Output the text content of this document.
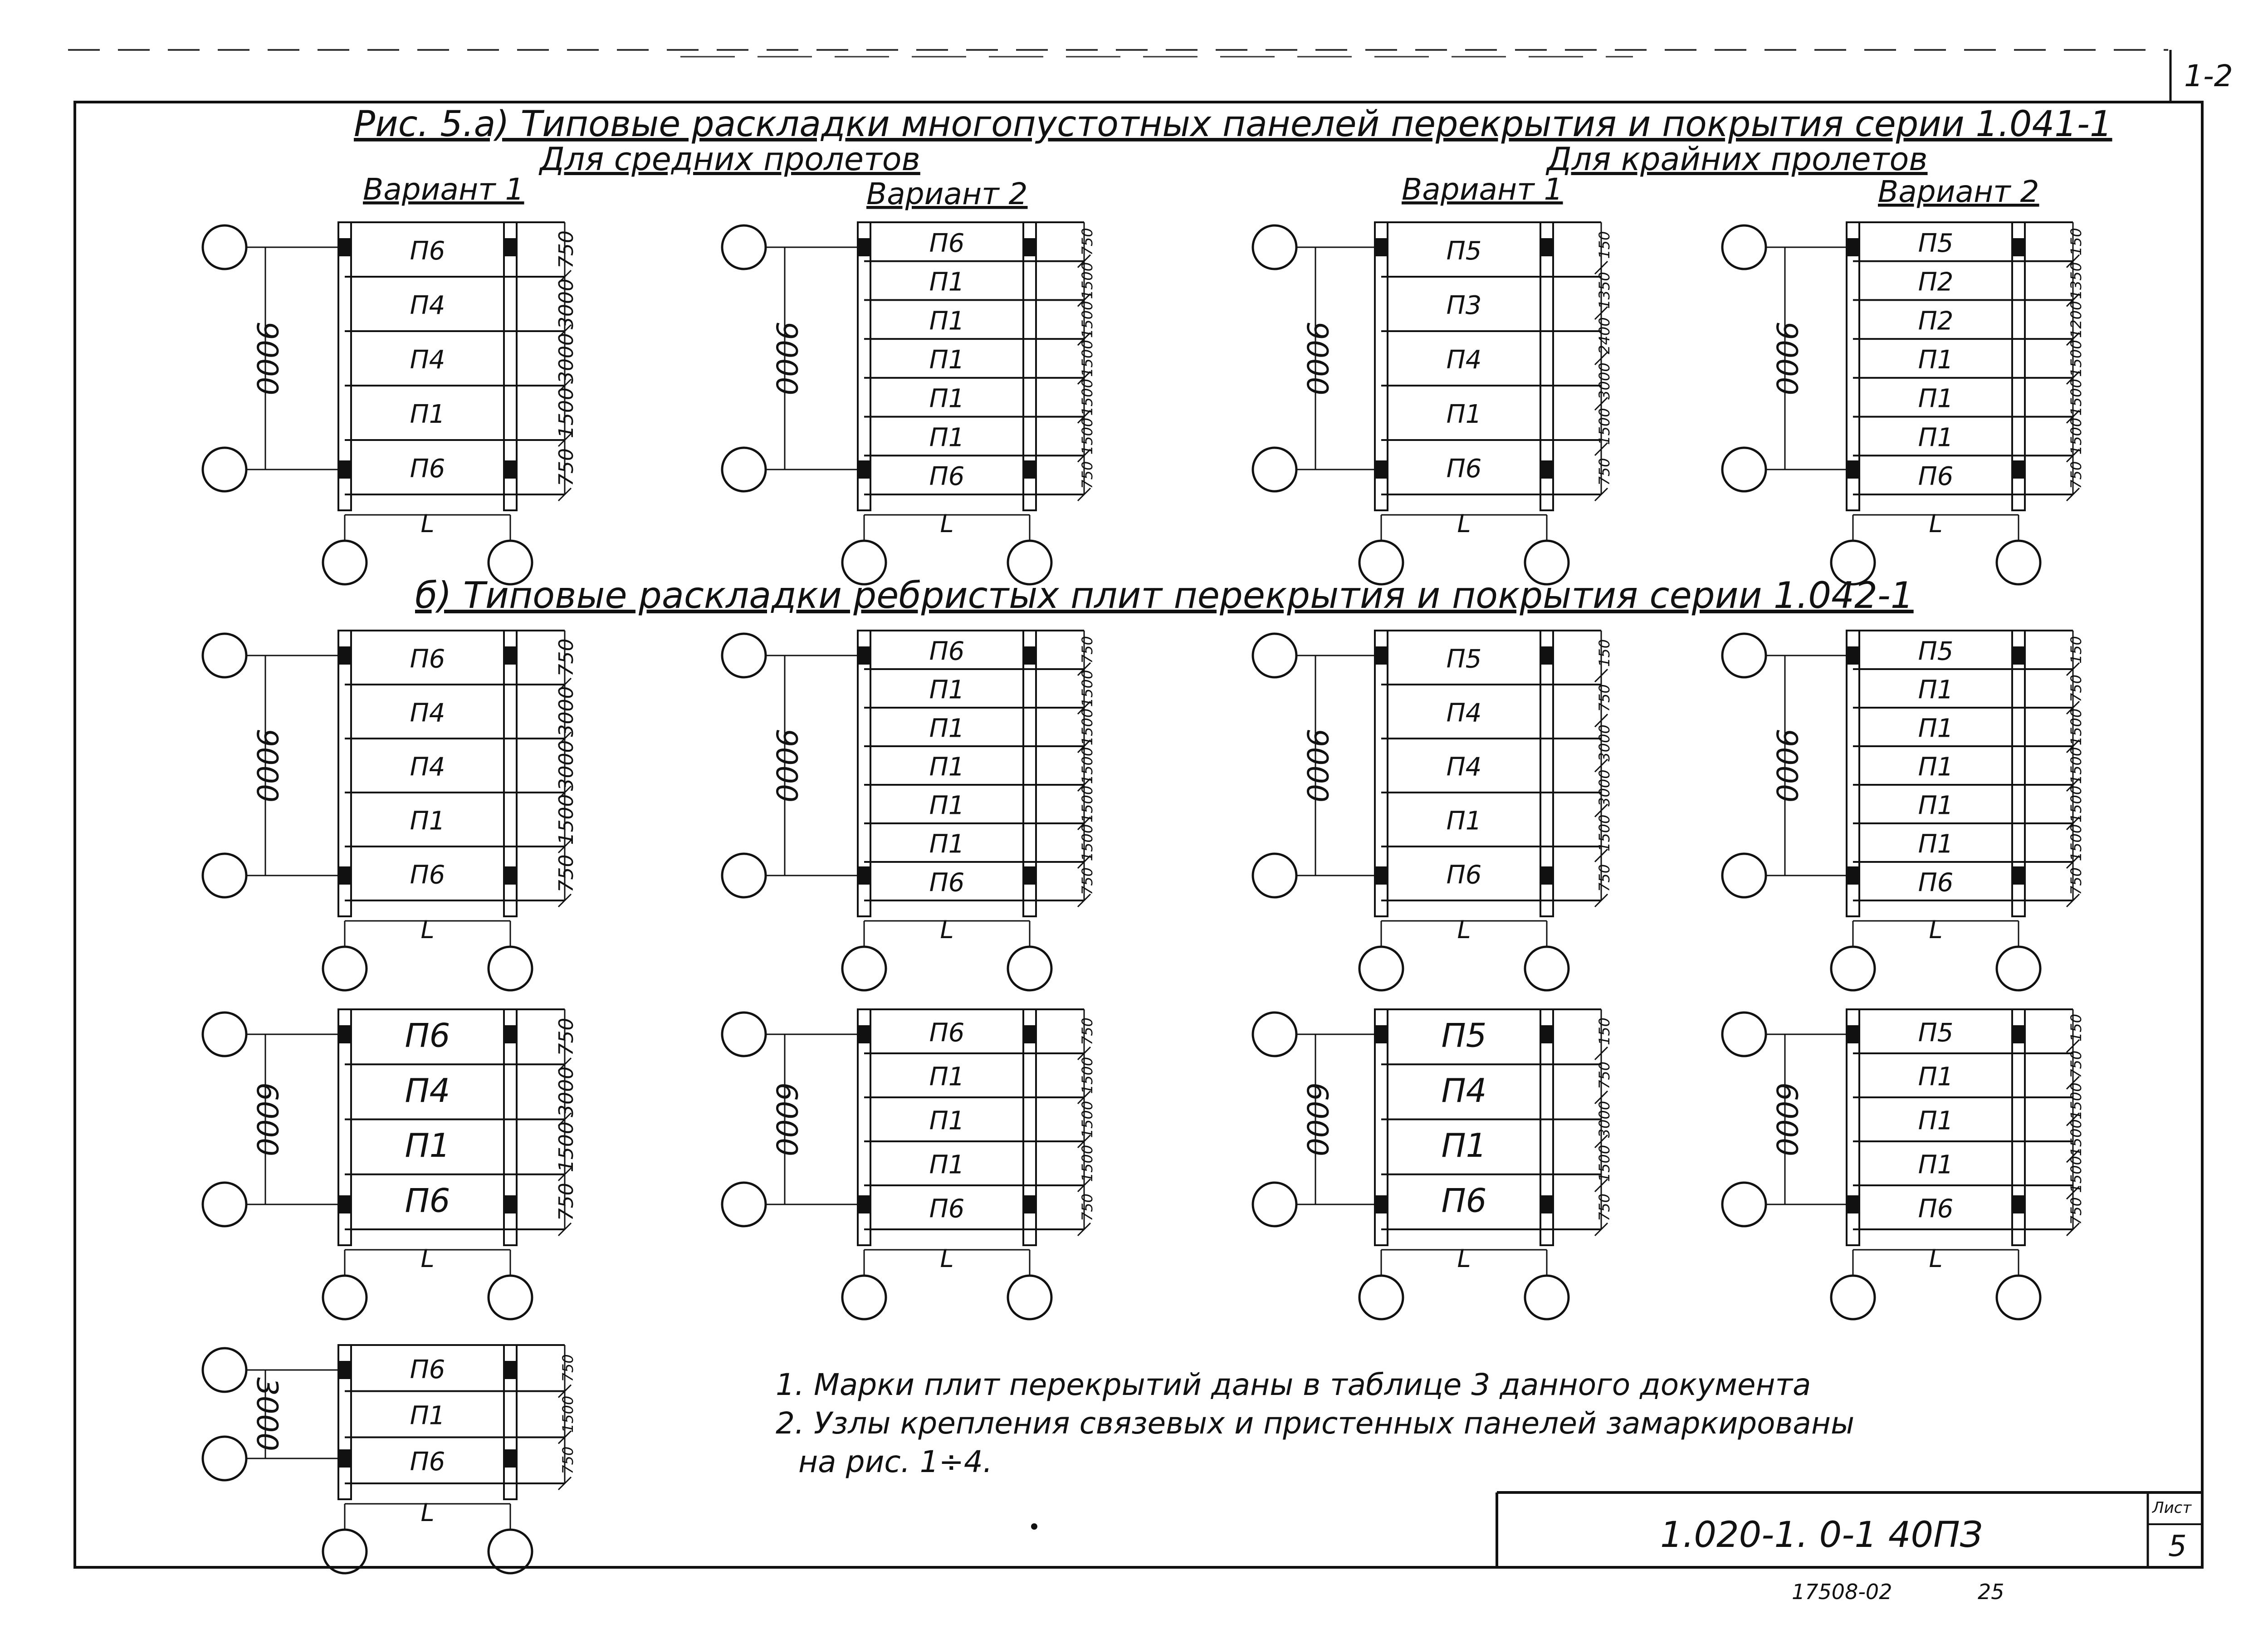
1-2
Рис. 5.а) Типовые раскладки многопустотных панелей перекрытия и покрытия серии 1.041-1
Для средних пролетов	Для крайних пролетов
б) Типовые раскладки ребристых плит перекрытия и покрытия серии 1.042-1
Вариант 1	Вариант 2	Вариант 1	Вариант 2
9000
П6
П4
П4
П1
П6
750
3000
3000
1500
750
L
9000
П6
П1
П1
П1
П1
П1
П6
750
1500
1500
1500
1500
1500
750
L
9000
П5
П3
П4
П1
П6
150
1350
2400
3000
1500
750
L
9000
П5
П2
П2
П1
П1
П1
П6
150
1350
1200
1500
1500
1500
750
L
9000
П6
П4
П4
П1
П6
750
3000
3000
1500
750
L
9000
П6
П1
П1
П1
П1
П1
П6
750
1500
1500
1500
1500
1500
750
L
9000
П5
П4
П4
П1
П6
150
750
3000
3000
1500
750
L
9000
П5
П1
П1
П1
П1
П1
П6
150
750
1500
1500
1500
1500
750
L
6000
П6
П4
П1
П6
750
3000
1500
750
L
6000
П6
П1
П1
П1
П6
750
1500
1500
1500
750
L
6000
П5
П4
П1
П6
150
750
3000
1500
750
L
6000
П5
П1
П1
П1
П6
150
750
1500
1500
1500
750
L
3000
П6
П1
П6
750
1500
750
L
1. Марки плит перекрытий даны в таблице 3 данного документа
2. Узлы крепления связевых и пристенных панелей замаркированы
на рис. 1÷4.
1.020-1. 0-1 40ПЗ
Лист
5
17508-02	25
